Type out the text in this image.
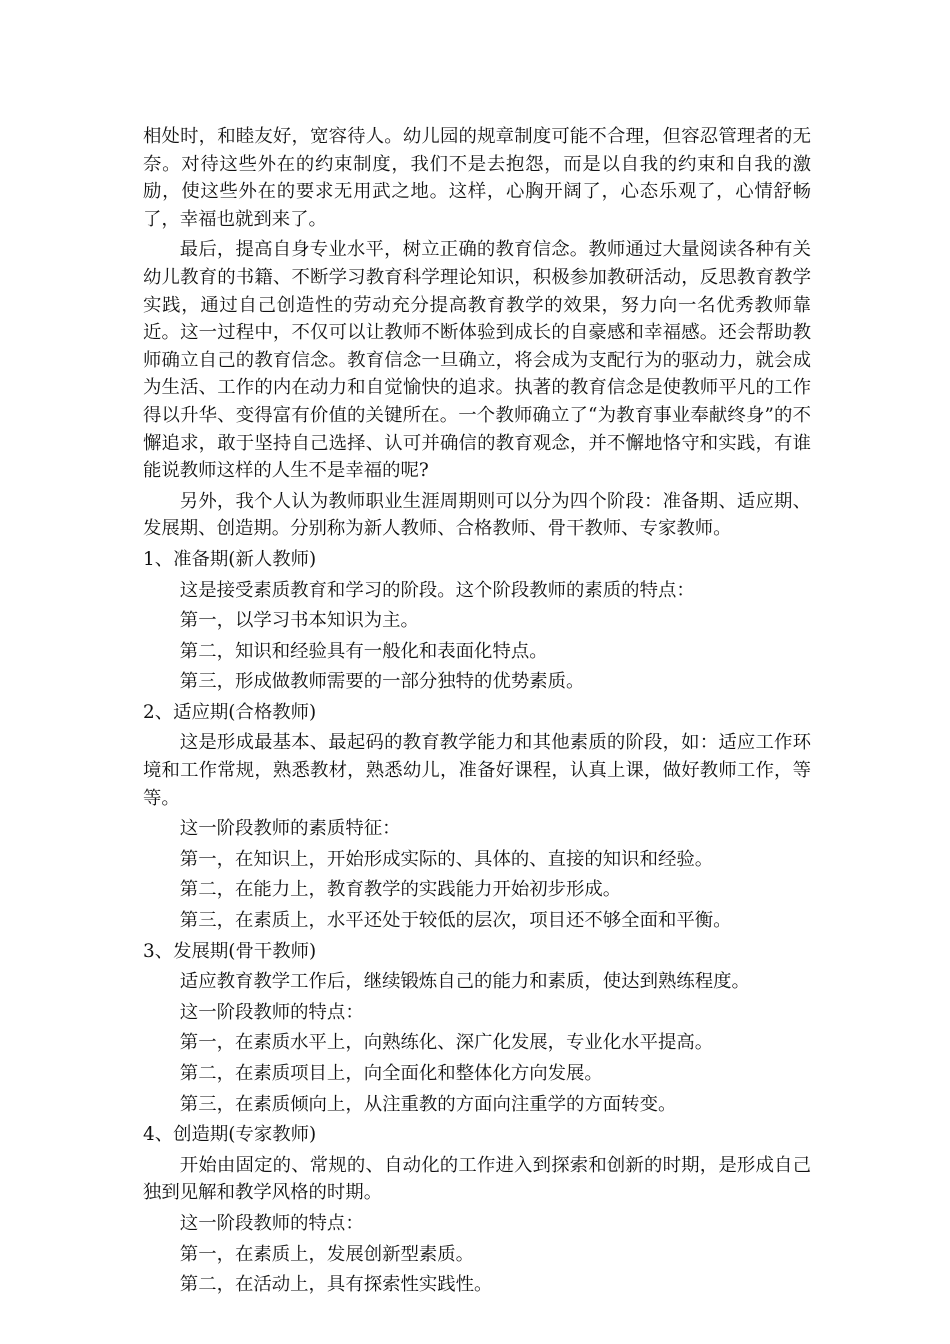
相处时，和睦友好，宽容待人。幼儿园的规章制度可能不合理，但容忍管理者的无奈。对待这些外在的约束制度，我们不是去抱怨，而是以自我的约束和自我的激励，使这些外在的要求无用武之地。这样，心胸开阔了，心态乐观了，心情舒畅了，幸福也就到来了。

最后，提高自身专业水平，树立正确的教育信念。教师通过大量阅读各种有关幼儿教育的书籍、不断学习教育科学理论知识，积极参加教研活动，反思教育教学实践，通过自己创造性的劳动充分提高教育教学的效果，努力向一名优秀教师靠近。这一过程中，不仅可以让教师不断体验到成长的自豪感和幸福感。还会帮助教师确立自己的教育信念。教育信念一旦确立，将会成为支配行为的驱动力，就会成为生活、工作的内在动力和自觉愉快的追求。执著的教育信念是使教师平凡的工作得以升华、变得富有价值的关键所在。一个教师确立了“为教育事业奉献终身”的不懈追求，敢于坚持自己选择、认可并确信的教育观念，并不懈地恪守和实践，有谁能说教师这样的人生不是幸福的呢?

另外，我个人认为教师职业生涯周期则可以分为四个阶段：准备期、适应期、发展期、创造期。分别称为新人教师、合格教师、骨干教师、专家教师。

1、准备期(新人教师)

这是接受素质教育和学习的阶段。这个阶段教师的素质的特点：

第一，以学习书本知识为主。

第二，知识和经验具有一般化和表面化特点。

第三，形成做教师需要的一部分独特的优势素质。

2、适应期(合格教师)

这是形成最基本、最起码的教育教学能力和其他素质的阶段，如：适应工作环境和工作常规，熟悉教材，熟悉幼儿，准备好课程，认真上课，做好教师工作，等等。

这一阶段教师的素质特征：

第一，在知识上，开始形成实际的、具体的、直接的知识和经验。

第二，在能力上，教育教学的实践能力开始初步形成。

第三，在素质上，水平还处于较低的层次，项目还不够全面和平衡。

3、发展期(骨干教师)

适应教育教学工作后，继续锻炼自己的能力和素质，使达到熟练程度。

这一阶段教师的特点：

第一，在素质水平上，向熟练化、深广化发展，专业化水平提高。

第二，在素质项目上，向全面化和整体化方向发展。

第三，在素质倾向上，从注重教的方面向注重学的方面转变。

4、创造期(专家教师)

开始由固定的、常规的、自动化的工作进入到探索和创新的时期，是形成自己独到见解和教学风格的时期。

这一阶段教师的特点：

第一，在素质上，发展创新型素质。

第二，在活动上，具有探索性实践性。
